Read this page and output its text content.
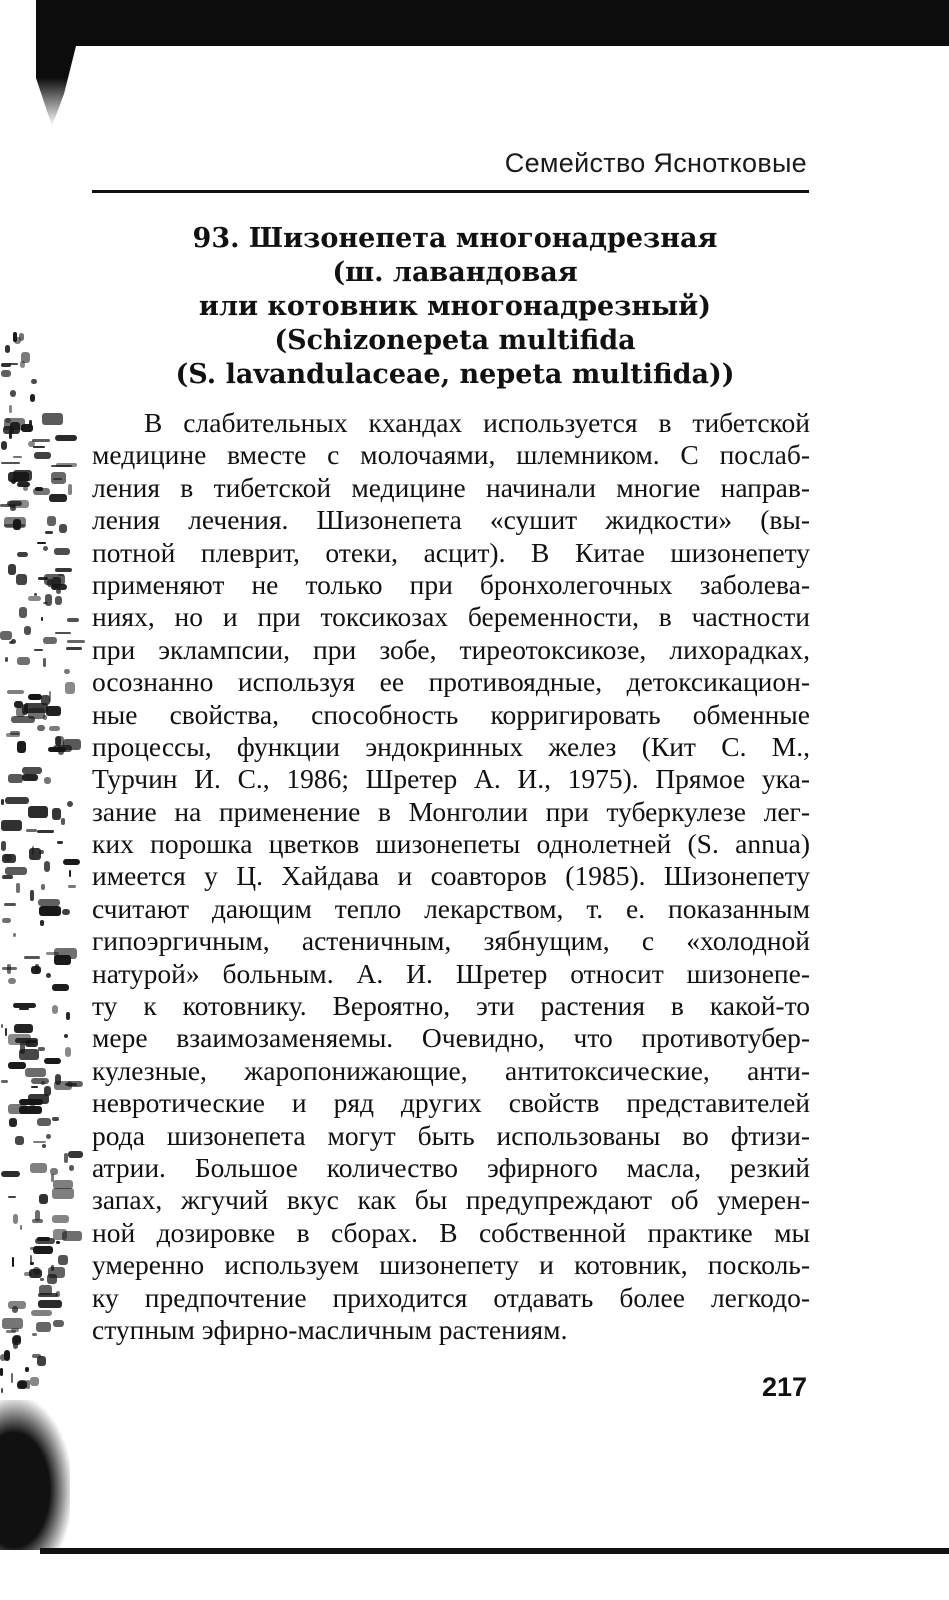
Семейство Яснотковые
93. Шизонепета многонадрезная
(ш. лавандовая
или котовник многонадрезный)
(Schizonepeta multifida
(S. lavandulaceae, nepeta multifida))
В слабительных кхандах используется в тибетской
медицине вместе с молочаями, шлемником. С послаб-
ления в тибетской медицине начинали многие направ-
ления лечения. Шизонепета «сушит жидкости» (вы-
потной плеврит, отеки, асцит). В Китае шизонепету
применяют не только при бронхолегочных заболева-
ниях, но и при токсикозах беременности, в частности
при эклампсии, при зобе, тиреотоксикозе, лихорадках,
осознанно используя ее противоядные, детоксикацион-
ные свойства, способность корригировать обменные
процессы, функции эндокринных желез (Кит С. М.,
Турчин И. С., 1986; Шретер А. И., 1975). Прямое ука-
зание на применение в Монголии при туберкулезе лег-
ких порошка цветков шизонепеты однолетней (S. annua)
имеется у Ц. Хайдава и соавторов (1985). Шизонепету
считают дающим тепло лекарством, т. е. показанным
гипоэргичным, астеничным, зябнущим, с «холодной
натурой» больным. А. И. Шретер относит шизонепе-
ту к котовнику. Вероятно, эти растения в какой-то
мере взаимозаменяемы. Очевидно, что противотубер-
кулезные, жаропонижающие, антитоксические, анти-
невротические и ряд других свойств представителей
рода шизонепета могут быть использованы во фтизи-
атрии. Большое количество эфирного масла, резкий
запах, жгучий вкус как бы предупреждают об умерен-
ной дозировке в сборах. В собственной практике мы
умеренно используем шизонепету и котовник, посколь-
ку предпочтение приходится отдавать более легкодо-
ступным эфирно-масличным растениям.
217
